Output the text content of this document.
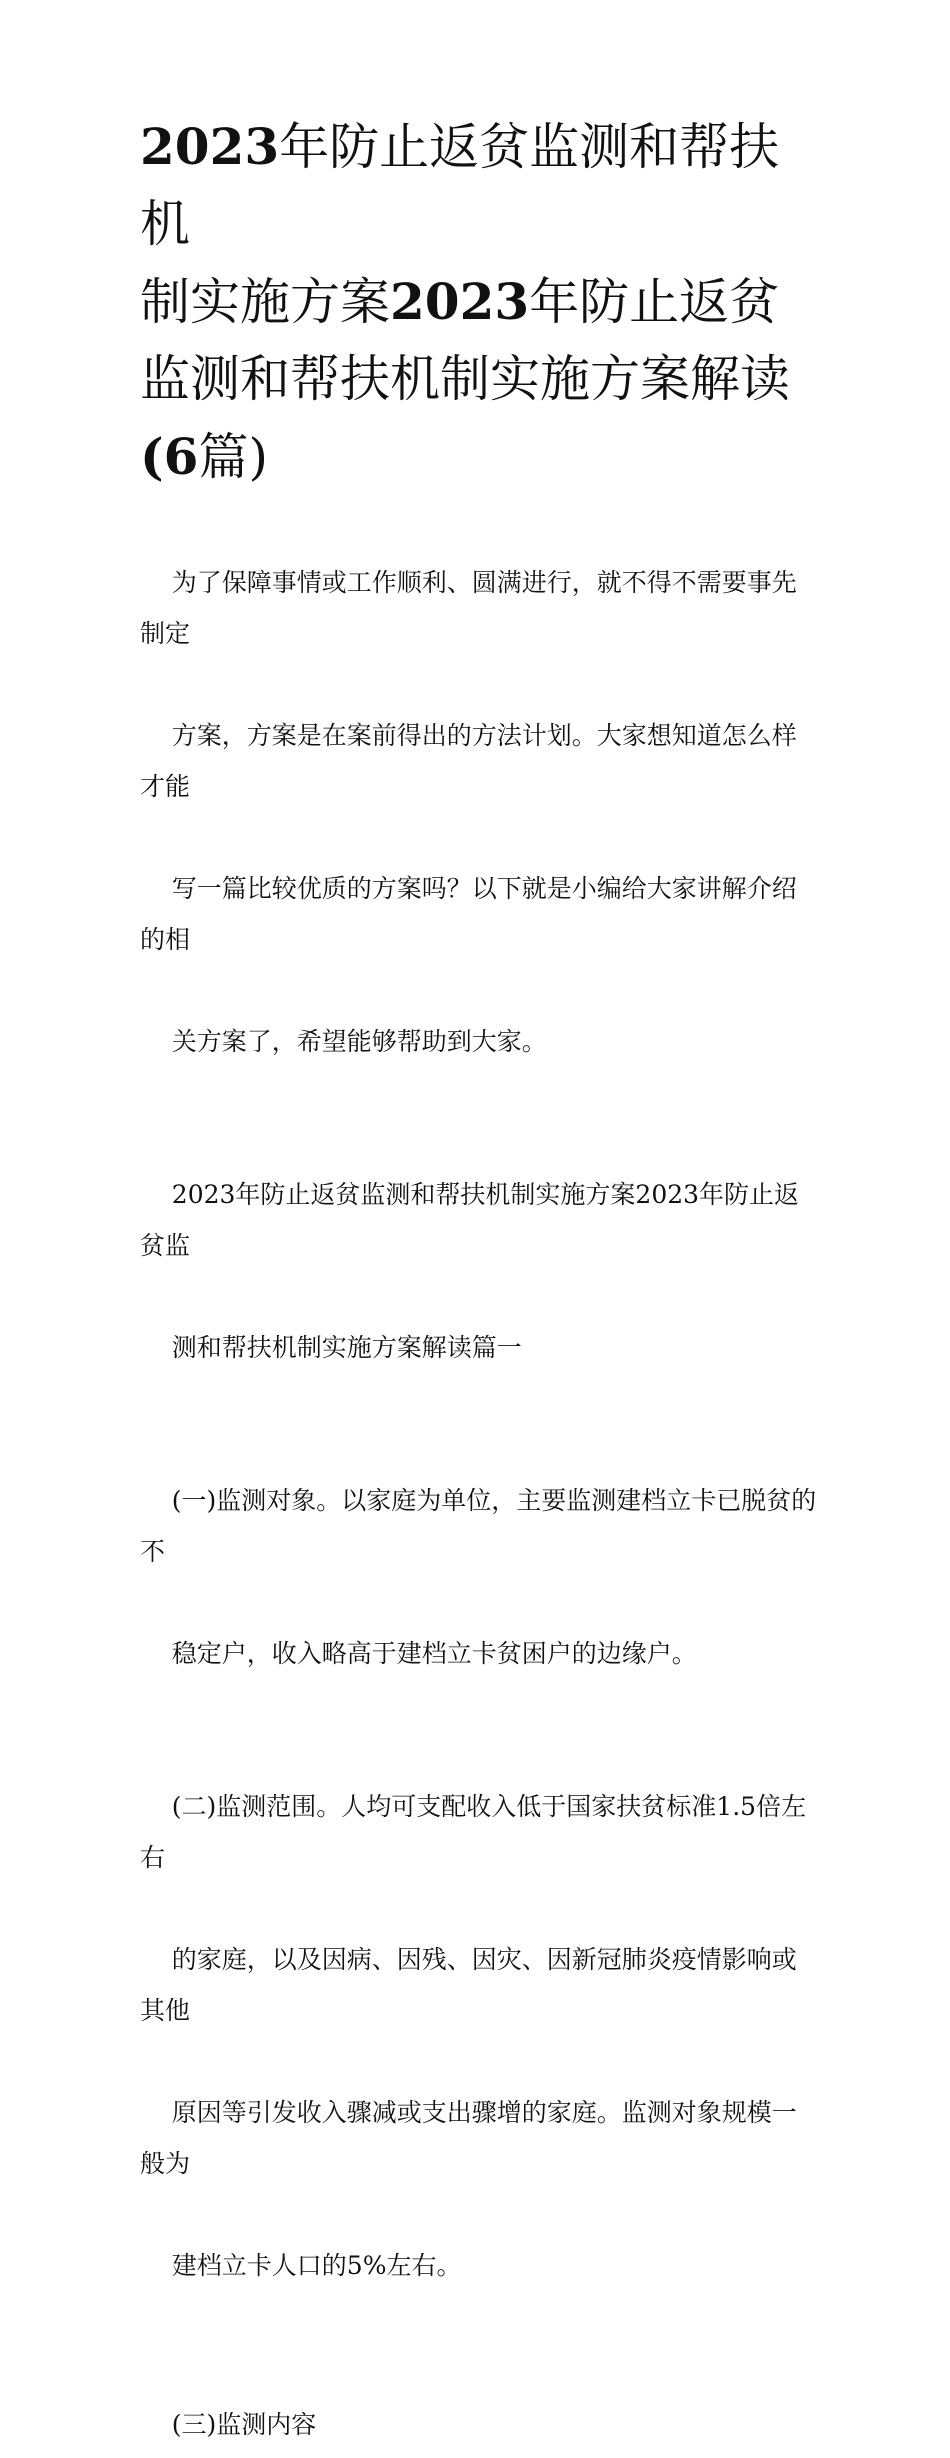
2023年防止返贫监测和帮扶机
制实施方案2023年防止返贫
监测和帮扶机制实施方案解读
(6篇)

为了保障事情或工作顺利、圆满进行，就不得不需要事先制定

方案，方案是在案前得出的方法计划。大家想知道怎么样才能

写一篇比较优质的方案吗？以下就是小编给大家讲解介绍的相

关方案了，希望能够帮助到大家。

2023年防止返贫监测和帮扶机制实施方案2023年防止返贫监

测和帮扶机制实施方案解读篇一

(一)监测对象。以家庭为单位，主要监测建档立卡已脱贫的不

稳定户，收入略高于建档立卡贫困户的边缘户。

(二)监测范围。人均可支配收入低于国家扶贫标准1.5倍左右

的家庭，以及因病、因残、因灾、因新冠肺炎疫情影响或其他

原因等引发收入骤减或支出骤增的家庭。监测对象规模一般为

建档立卡人口的5%左右。

(三)监测内容
